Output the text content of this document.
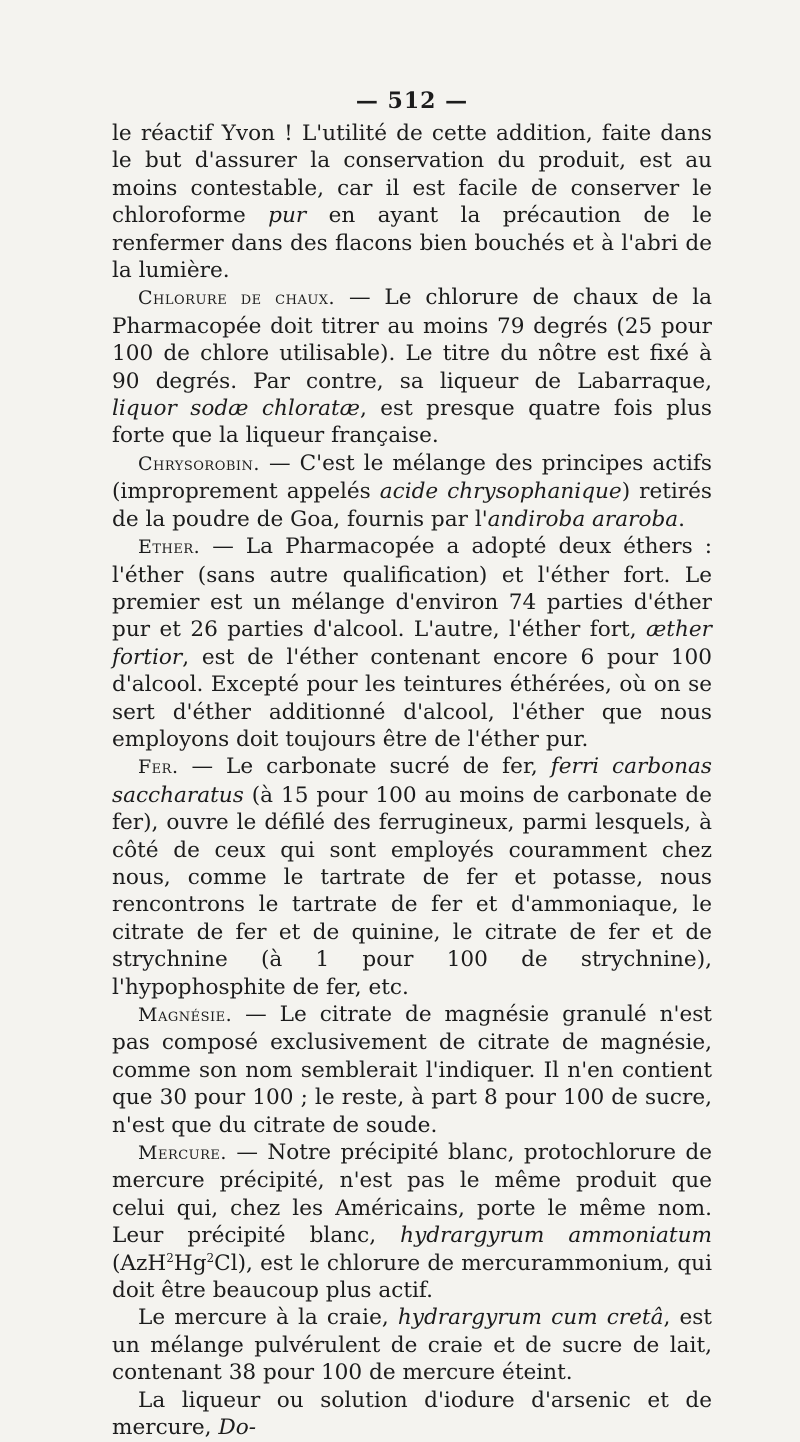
— 512 —

le réactif Yvon ! L'utilité de cette addition, faite dans le but d'assurer la conservation du produit, est au moins contestable, car il est facile de conserver le chloroforme pur en ayant la précaution de le renfermer dans des flacons bien bouchés et à l'abri de la lumière.

Chlorure de chaux. — Le chlorure de chaux de la Pharmacopée doit titrer au moins 79 degrés (25 pour 100 de chlore utilisable). Le titre du nôtre est fixé à 90 degrés. Par contre, sa liqueur de Labarraque, liquor sodæ chloratæ, est presque quatre fois plus forte que la liqueur française.

Chrysorobin. — C'est le mélange des principes actifs (improprement appelés acide chrysophanique) retirés de la poudre de Goa, fournis par l'andiroba araroba.

Ether. — La Pharmacopée a adopté deux éthers : l'éther (sans autre qualification) et l'éther fort. Le premier est un mélange d'environ 74 parties d'éther pur et 26 parties d'alcool. L'autre, l'éther fort, æther fortior, est de l'éther contenant encore 6 pour 100 d'alcool. Excepté pour les teintures éthérées, où on se sert d'éther additionné d'alcool, l'éther que nous employons doit toujours être de l'éther pur.

Fer. — Le carbonate sucré de fer, ferri carbonas saccharatus (à 15 pour 100 au moins de carbonate de fer), ouvre le défilé des ferrugineux, parmi lesquels, à côté de ceux qui sont employés couramment chez nous, comme le tartrate de fer et potasse, nous rencontrons le tartrate de fer et d'ammoniaque, le citrate de fer et de quinine, le citrate de fer et de strychnine (à 1 pour 100 de strychnine), l'hypophosphite de fer, etc.

Magnésie. — Le citrate de magnésie granulé n'est pas composé exclusivement de citrate de magnésie, comme son nom semblerait l'indiquer. Il n'en contient que 30 pour 100 ; le reste, à part 8 pour 100 de sucre, n'est que du citrate de soude.

Mercure. — Notre précipité blanc, protochlorure de mercure précipité, n'est pas le même produit que celui qui, chez les Américains, porte le même nom. Leur précipité blanc, hydrargyrum ammoniatum (AzH$^2$Hg$^2$Cl), est le chlorure de mercurammonium, qui doit être beaucoup plus actif.

Le mercure à la craie, hydrargyrum cum cretâ, est un mélange pulvérulent de craie et de sucre de lait, contenant 38 pour 100 de mercure éteint.

La liqueur ou solution d'iodure d'arsenic et de mercure, Do-
